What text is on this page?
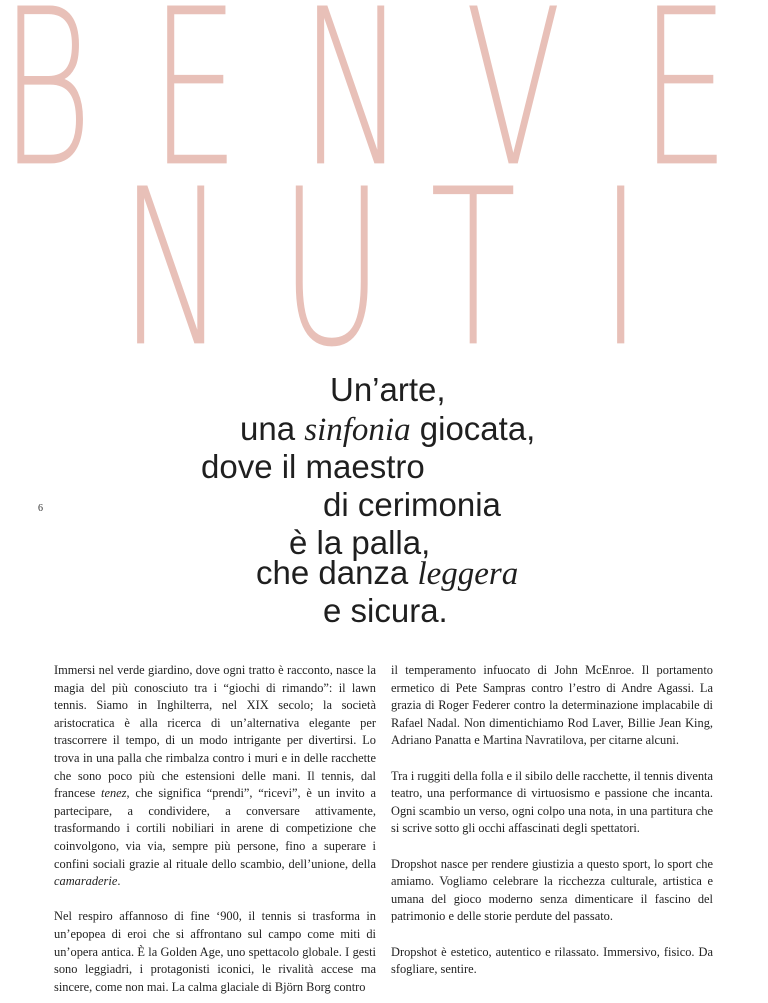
B E N V E
N U T I
Un’arte,
una sinfonia giocata,
dove il maestro
di cerimonia
è la palla,
che danza leggera
e sicura.
6

Immersi nel verde giardino, dove ogni tratto è racconto, nasce la magia del più conosciuto tra i “giochi di rimando”: il lawn tennis. Siamo in Inghilterra, nel XIX secolo; la società aristocratica è alla ricerca di un’alternativa elegante per trascorrere il tempo, di un modo intrigante per divertirsi. Lo trova in una palla che rimbalza contro i muri e in delle racchette che sono poco più che estensioni delle mani. Il tennis, dal francese tenez, che significa “prendi”, “ricevi”, è un invito a partecipare, a condividere, a conversare attivamente, trasformando i cortili nobiliari in arene di competizione che coinvolgono, via via, sempre più persone, fino a superare i confini sociali grazie al rituale dello scambio, dell’unione, della camaraderie.

Nel respiro affannoso di fine ‘900, il tennis si trasforma in un’epopea di eroi che si affrontano sul campo come miti di un’opera antica. È la Golden Age, uno spettacolo globale. I gesti sono leggiadri, i protagonisti iconici, le rivalità accese ma sincere, come non mai. La calma glaciale di Björn Borg contro

il temperamento infuocato di John McEnroe. Il portamento ermetico di Pete Sampras contro l’estro di Andre Agassi. La grazia di Roger Federer contro la determinazione implacabile di Rafael Nadal. Non dimentichiamo Rod Laver, Billie Jean King, Adriano Panatta e Martina Navratilova, per citarne alcuni.

Tra i ruggiti della folla e il sibilo delle racchette, il tennis diventa teatro, una performance di virtuosismo e passione che incanta. Ogni scambio un verso, ogni colpo una nota, in una partitura che si scrive sotto gli occhi affascinati degli spettatori.

Dropshot nasce per rendere giustizia a questo sport, lo sport che amiamo. Vogliamo celebrare la ricchezza culturale, artistica e umana del gioco moderno senza dimenticare il fascino del patrimonio e delle storie perdute del passato.

Dropshot è estetico, autentico e rilassato. Immersivo, fisico. Da sfogliare, sentire.
